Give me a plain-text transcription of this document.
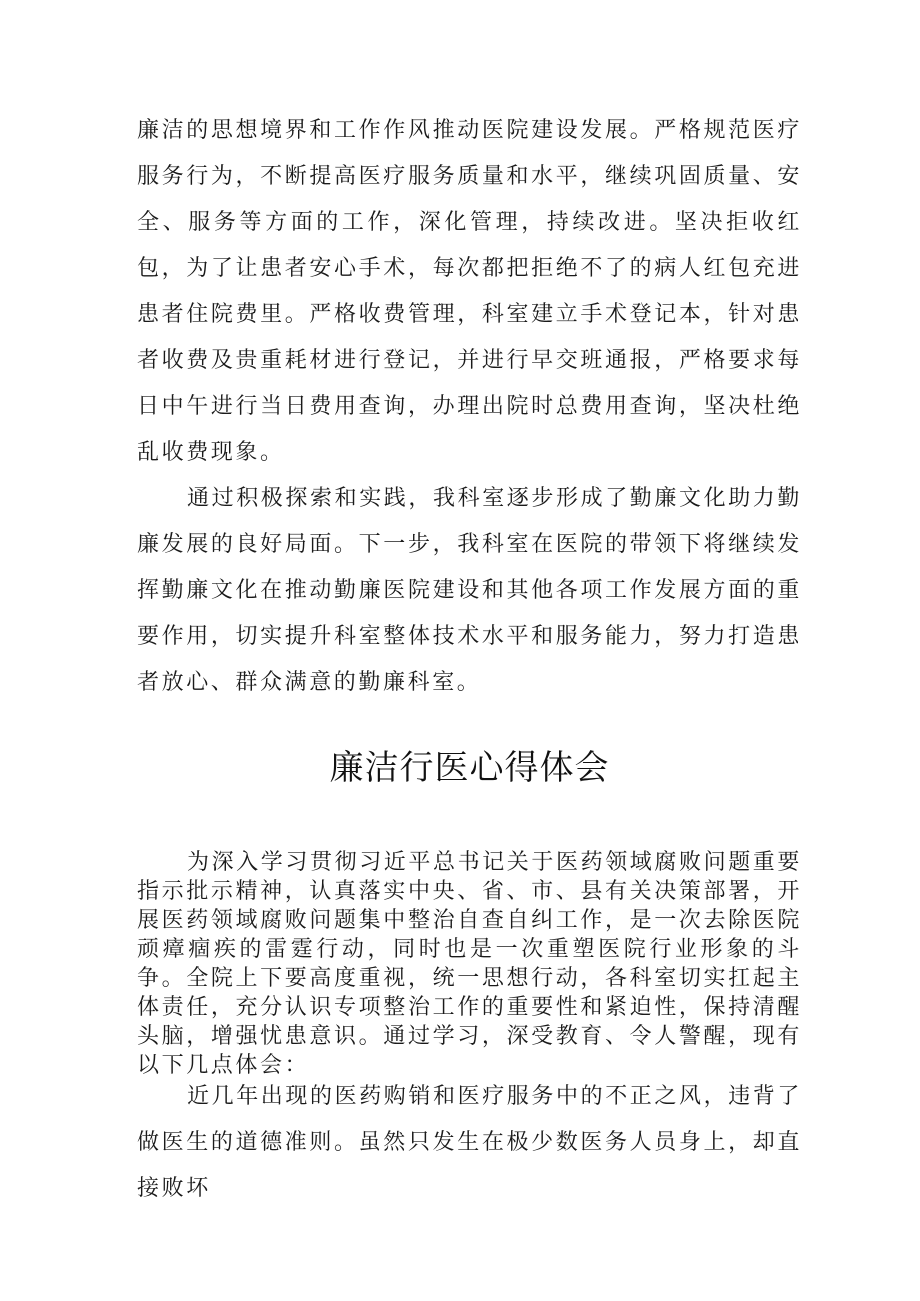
廉洁的思想境界和工作作风推动医院建设发展。严格规范医疗服务行为，不断提高医疗服务质量和水平，继续巩固质量、安全、服务等方面的工作，深化管理，持续改进。坚决拒收红包，为了让患者安心手术，每次都把拒绝不了的病人红包充进患者住院费里。严格收费管理，科室建立手术登记本，针对患者收费及贵重耗材进行登记，并进行早交班通报，严格要求每日中午进行当日费用查询，办理出院时总费用查询，坚决杜绝乱收费现象。

通过积极探索和实践，我科室逐步形成了勤廉文化助力勤廉发展的良好局面。下一步，我科室在医院的带领下将继续发挥勤廉文化在推动勤廉医院建设和其他各项工作发展方面的重要作用，切实提升科室整体技术水平和服务能力，努力打造患者放心、群众满意的勤廉科室。

廉洁行医心得体会

为深入学习贯彻习近平总书记关于医药领域腐败问题重要指示批示精神，认真落实中央、省、市、县有关决策部署，开展医药领域腐败问题集中整治自查自纠工作，是一次去除医院顽瘴痼疾的雷霆行动，同时也是一次重塑医院行业形象的斗争。全院上下要高度重视，统一思想行动，各科室切实扛起主体责任，充分认识专项整治工作的重要性和紧迫性，保持清醒头脑，增强忧患意识。通过学习，深受教育、令人警醒，现有以下几点体会：

近几年出现的医药购销和医疗服务中的不正之风，违背了做医生的道德准则。虽然只发生在极少数医务人员身上，却直接败坏
